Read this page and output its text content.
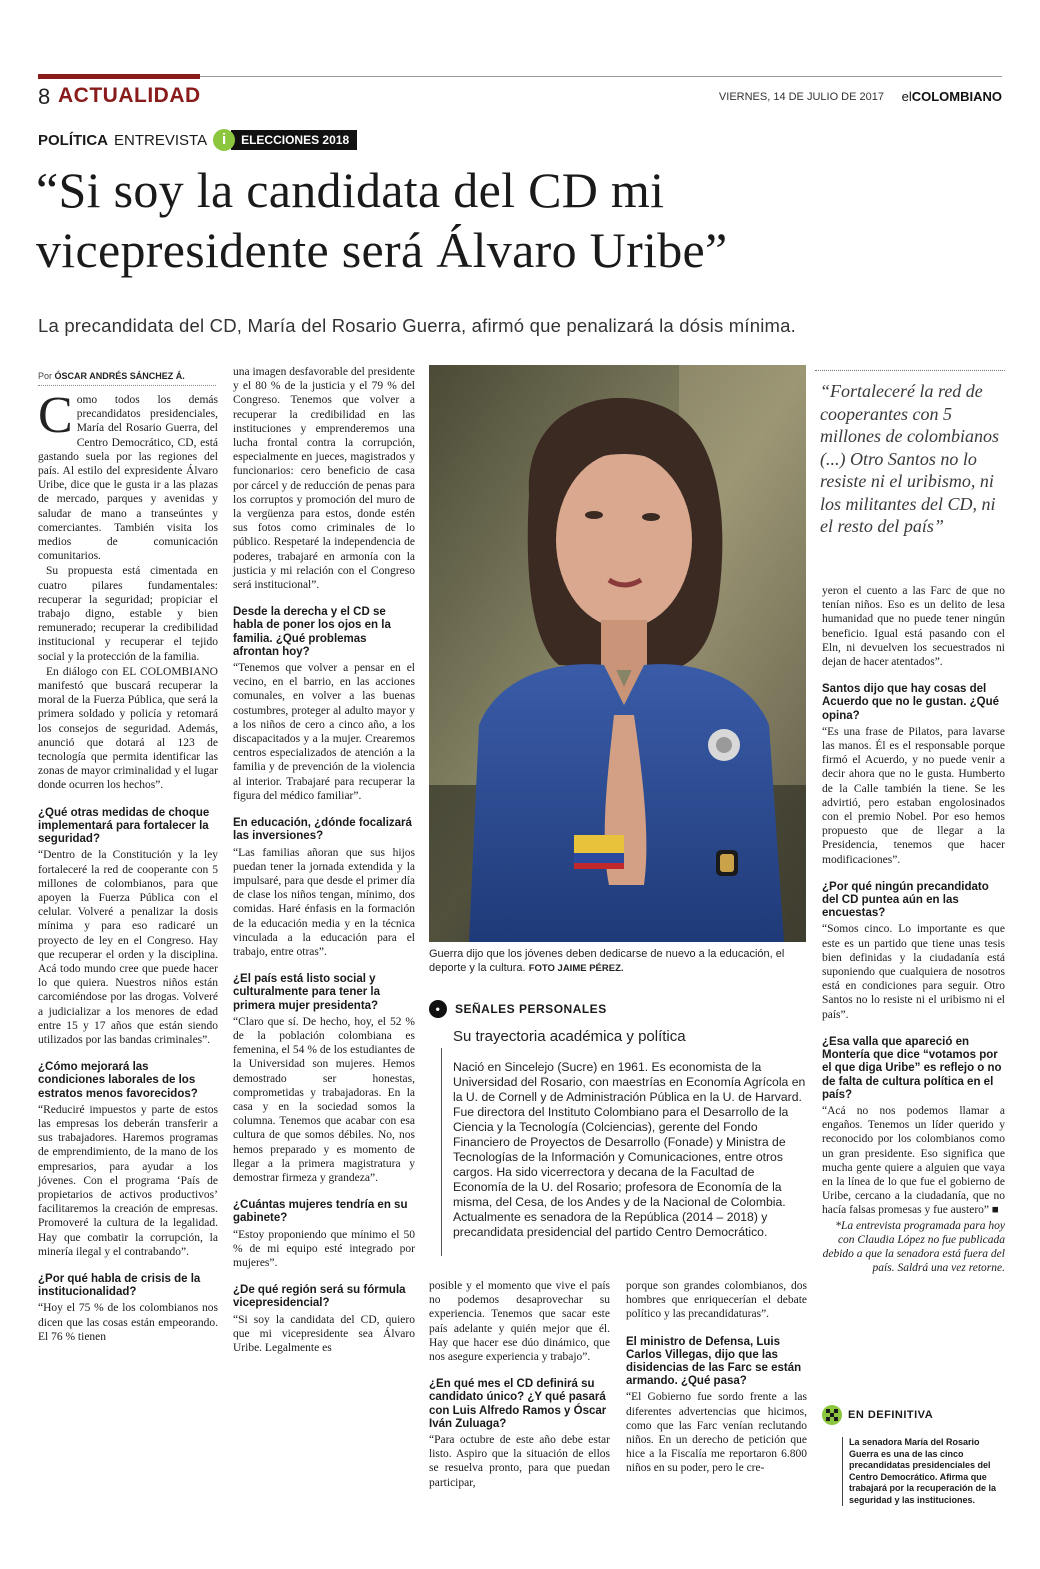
8 ACTUALIDAD	VIERNES, 14 DE JULIO DE 2017 elCOLOMBIANO
POLÍTICA ENTREVISTA i	ELECCIONES 2018
“Si soy la candidata del CD mi
vicepresidente será Álvaro Uribe”
La precandidata del CD, María del Rosario Guerra, afirmó que penalizará la dósis mínima.
Por ÓSCAR ANDRÉS SÁNCHEZ Á.

Como todos los demás precandidatos presidenciales, María del Rosario Guerra, del Centro Democrático, CD, está gastando suela por las regiones del país. Al estilo del expresidente Álvaro Uribe, dice que le gusta ir a las plazas de mercado, parques y avenidas y saludar de mano a transeúntes y comerciantes. También visita los medios de comunicación comunitarios.

Su propuesta está cimentada en cuatro pilares fundamentales: recuperar la seguridad; propiciar el trabajo digno, estable y bien remunerado; recuperar la credibilidad institucional y recuperar el tejido social y la protección de la familia.

En diálogo con EL COLOMBIANO manifestó que buscará recuperar la moral de la Fuerza Pública, que será la primera soldado y policía y retomará los consejos de seguridad. Además, anunció que dotará al 123 de tecnología que permita identificar las zonas de mayor criminalidad y el lugar donde ocurren los hechos”.

¿Qué otras medidas de choque implementará para fortalecer la seguridad?

“Dentro de la Constitución y la ley fortaleceré la red de cooperante con 5 millones de colombianos, para que apoyen la Fuerza Pública con el celular. Volveré a penalizar la dosis mínima y para eso radicaré un proyecto de ley en el Congreso. Hay que recuperar el orden y la disciplina. Acá todo mundo cree que puede hacer lo que quiera. Nuestros niños están carcomiéndose por las drogas. Volveré a judicializar a los menores de edad entre 15 y 17 años que están siendo utilizados por las bandas criminales”.

¿Cómo mejorará las condiciones laborales de los estratos menos favorecidos?

“Reduciré impuestos y parte de estos las empresas los deberán transferir a sus trabajadores. Haremos programas de emprendimiento, de la mano de los empresarios, para ayudar a los jóvenes. Con el programa ‘País de propietarios de activos productivos’ facilitaremos la creación de empresas. Promoveré la cultura de la legalidad. Hay que combatir la corrupción, la minería ilegal y el contrabando”.

¿Por qué habla de crisis de la institucionalidad?

“Hoy el 75 % de los colombianos nos dicen que las cosas están empeorando. El 76 % tienen

una imagen desfavorable del presidente y el 80 % de la justicia y el 79 % del Congreso. Tenemos que volver a recuperar la credibilidad en las instituciones y emprenderemos una lucha frontal contra la corrupción, especialmente en jueces, magistrados y funcionarios: cero beneficio de casa por cárcel y de reducción de penas para los corruptos y promoción del muro de la vergüenza para estos, donde estén sus fotos como criminales de lo público. Respetaré la independencia de poderes, trabajaré en armonía con la justicia y mi relación con el Congreso será institucional”.

Desde la derecha y el CD se habla de poner los ojos en la familia. ¿Qué problemas afrontan hoy?

“Tenemos que volver a pensar en el vecino, en el barrio, en las acciones comunales, en volver a las buenas costumbres, proteger al adulto mayor y a los niños de cero a cinco año, a los discapacitados y a la mujer. Crearemos centros especializados de atención a la familia y de prevención de la violencia al interior. Trabajaré para recuperar la figura del médico familiar”.

En educación, ¿dónde focalizará las inversiones?

“Las familias añoran que sus hijos puedan tener la jornada extendida y la impulsaré, para que desde el primer día de clase los niños tengan, mínimo, dos comidas. Haré énfasis en la formación de la educación media y en la técnica vinculada a la educación para el trabajo, entre otras”.

¿El país está listo social y culturalmente para tener la primera mujer presidenta?

“Claro que sí. De hecho, hoy, el 52 % de la población colombiana es femenina, el 54 % de los estudiantes de la Universidad son mujeres. Hemos demostrado ser honestas, comprometidas y trabajadoras. En la casa y en la sociedad somos la columna. Tenemos que acabar con esa cultura de que somos débiles. No, nos hemos preparado y es momento de llegar a la primera magistratura y demostrar firmeza y grandeza”.

¿Cuántas mujeres tendría en su gabinete?

“Estoy proponiendo que mínimo el 50 % de mi equipo esté integrado por mujeres”.

¿De qué región será su fórmula vicepresidencial?

“Si soy la candidata del CD, quiero que mi vicepresidente sea Álvaro Uribe. Legalmente es

Guerra dijo que los jóvenes deben dedicarse de nuevo a la educación, el deporte y la cultura. FOTO JAIME PÉREZ.
•	SEÑALES PERSONALES
Su trayectoria académica y política
Nació en Sincelejo (Sucre) en 1961. Es economista de la Universidad del Rosario, con maestrías en Economía Agrícola en la U. de Cornell y de Administración Pública en la U. de Harvard. Fue directora del Instituto Colombiano para el Desarrollo de la Ciencia y la Tecnología (Colciencias), gerente del Fondo Financiero de Proyectos de Desarrollo (Fonade) y Ministra de Tecnologías de la Información y Comunicaciones, entre otros cargos. Ha sido vicerrectora y decana de la Facultad de Economía de la U. del Rosario; profesora de Economía de la misma, del Cesa, de los Andes y de la Nacional de Colombia. Actualmente es senadora de la República (2014 – 2018) y precandidata presidencial del partido Centro Democrático.

posible y el momento que vive el país no podemos desaprovechar su experiencia. Tenemos que sacar este país adelante y quién mejor que él. Hay que hacer ese dúo dinámico, que nos asegure experiencia y trabajo”.

¿En qué mes el CD definirá su candidato único? ¿Y qué pasará con Luis Alfredo Ramos y Óscar Iván Zuluaga?

“Para octubre de este año debe estar listo. Aspiro que la situación de ellos se resuelva pronto, para que puedan participar,

porque son grandes colombianos, dos hombres que enriquecerían el debate político y las precandidaturas”.

El ministro de Defensa, Luis Carlos Villegas, dijo que las disidencias de las Farc se están armando. ¿Qué pasa?

“El Gobierno fue sordo frente a las diferentes advertencias que hicimos, como que las Farc venían reclutando niños. En un derecho de petición que hice a la Fiscalía me reportaron 6.800 niños en su poder, pero le cre-

“Fortaleceré la red de cooperantes con 5 millones de colombianos (...) Otro Santos no lo resiste ni el uribismo, ni los militantes del CD, ni el resto del país”

yeron el cuento a las Farc de que no tenían niños. Eso es un delito de lesa humanidad que no puede tener ningún beneficio. Igual está pasando con el Eln, ni devuelven los secuestrados ni dejan de hacer atentados”.

Santos dijo que hay cosas del Acuerdo que no le gustan. ¿Qué opina?

“Es una frase de Pilatos, para lavarse las manos. Él es el responsable porque firmó el Acuerdo, y no puede venir a decir ahora que no le gusta. Humberto de la Calle también la tiene. Se les advirtió, pero estaban engolosinados con el premio Nobel. Por eso hemos propuesto que de llegar a la Presidencia, tenemos que hacer modificaciones”.

¿Por qué ningún precandidato del CD puntea aún en las encuestas?

“Somos cinco. Lo importante es que este es un partido que tiene unas tesis bien definidas y la ciudadanía está suponiendo que cualquiera de nosotros está en condiciones para seguir. Otro Santos no lo resiste ni el uribismo ni el país”.

¿Esa valla que apareció en Montería que dice “votamos por el que diga Uribe” es reflejo o no de falta de cultura política en el país?

“Acá no nos podemos llamar a engaños. Tenemos un líder querido y reconocido por los colombianos como un gran presidente. Eso significa que mucha gente quiere a alguien que vaya en la línea de lo que fue el gobierno de Uribe, cercano a la ciudadanía, que no hacía falsas promesas y fue austero” ■

*La entrevista programada para hoy con Claudia López no fue publicada debido a que la senadora está fuera del país. Saldrá una vez retorne.

EN DEFINITIVA
La senadora María del Rosario Guerra es una de las cinco precandidatas presidenciales del Centro Democrático. Afirma que trabajará por la recuperación de la seguridad y las instituciones.
